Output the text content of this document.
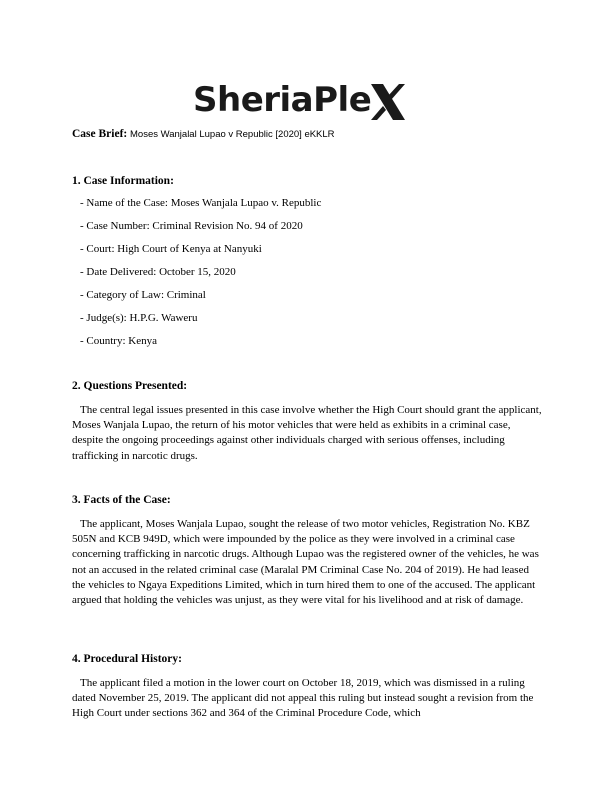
SheriaPle
Case Brief: Moses Wanjalal Lupao v Republic [2020] eKKLR
1. Case Information:
- Name of the Case: Moses Wanjala Lupao v. Republic
- Case Number: Criminal Revision No. 94 of 2020
- Court: High Court of Kenya at Nanyuki
- Date Delivered: October 15, 2020
- Category of Law: Criminal
- Judge(s): H.P.G. Waweru
- Country: Kenya
2. Questions Presented:

The central legal issues presented in this case involve whether the High Court should grant the applicant, Moses Wanjala Lupao, the return of his motor vehicles that were held as exhibits in a criminal case, despite the ongoing proceedings against other individuals charged with serious offenses, including trafficking in narcotic drugs.

3. Facts of the Case:

The applicant, Moses Wanjala Lupao, sought the release of two motor vehicles, Registration No. KBZ 505N and KCB 949D, which were impounded by the police as they were involved in a criminal case concerning trafficking in narcotic drugs. Although Lupao was the registered owner of the vehicles, he was not an accused in the related criminal case (Maralal PM Criminal Case No. 204 of 2019). He had leased the vehicles to Ngaya Expeditions Limited, which in turn hired them to one of the accused. The applicant argued that holding the vehicles was unjust, as they were vital for his livelihood and at risk of damage.

4. Procedural History:

The applicant filed a motion in the lower court on October 18, 2019, which was dismissed in a ruling dated November 25, 2019. The applicant did not appeal this ruling but instead sought a revision from the High Court under sections 362 and 364 of the Criminal Procedure Code, which
